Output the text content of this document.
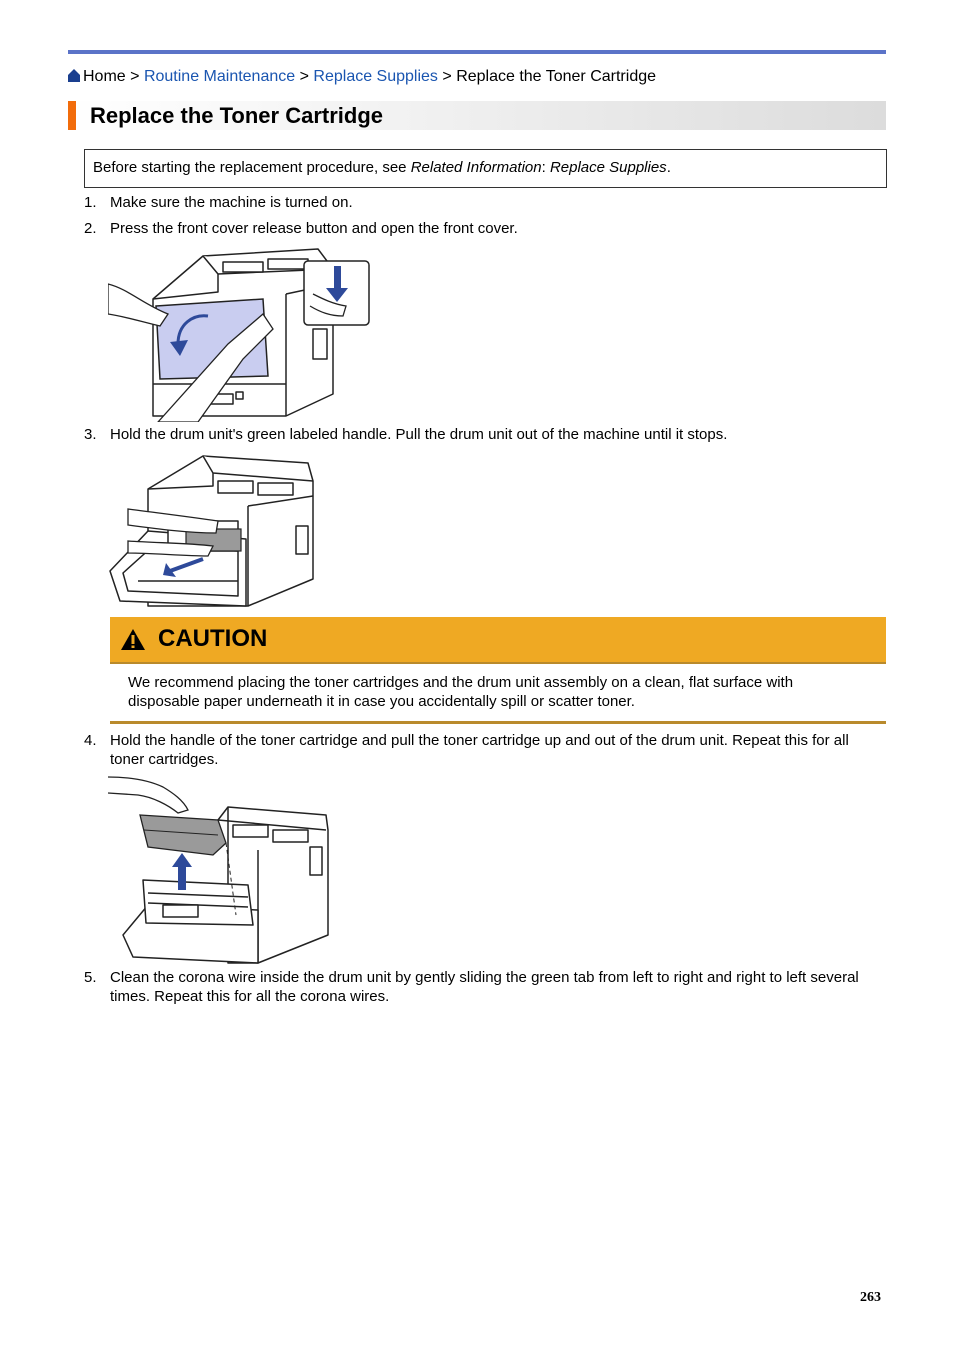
Home > Routine Maintenance > Replace Supplies > Replace the Toner Cartridge
Replace the Toner Cartridge
Before starting the replacement procedure, see Related Information: Replace Supplies.
1. Make sure the machine is turned on.
2. Press the front cover release button and open the front cover.
3. Hold the drum unit's green labeled handle. Pull the drum unit out of the machine until it stops.
CAUTION
We recommend placing the toner cartridges and the drum unit assembly on a clean, flat surface with disposable paper underneath it in case you accidentally spill or scatter toner.
4. Hold the handle of the toner cartridge and pull the toner cartridge up and out of the drum unit. Repeat this for all toner cartridges.
5. Clean the corona wire inside the drum unit by gently sliding the green tab from left to right and right to left several times. Repeat this for all the corona wires.
263
